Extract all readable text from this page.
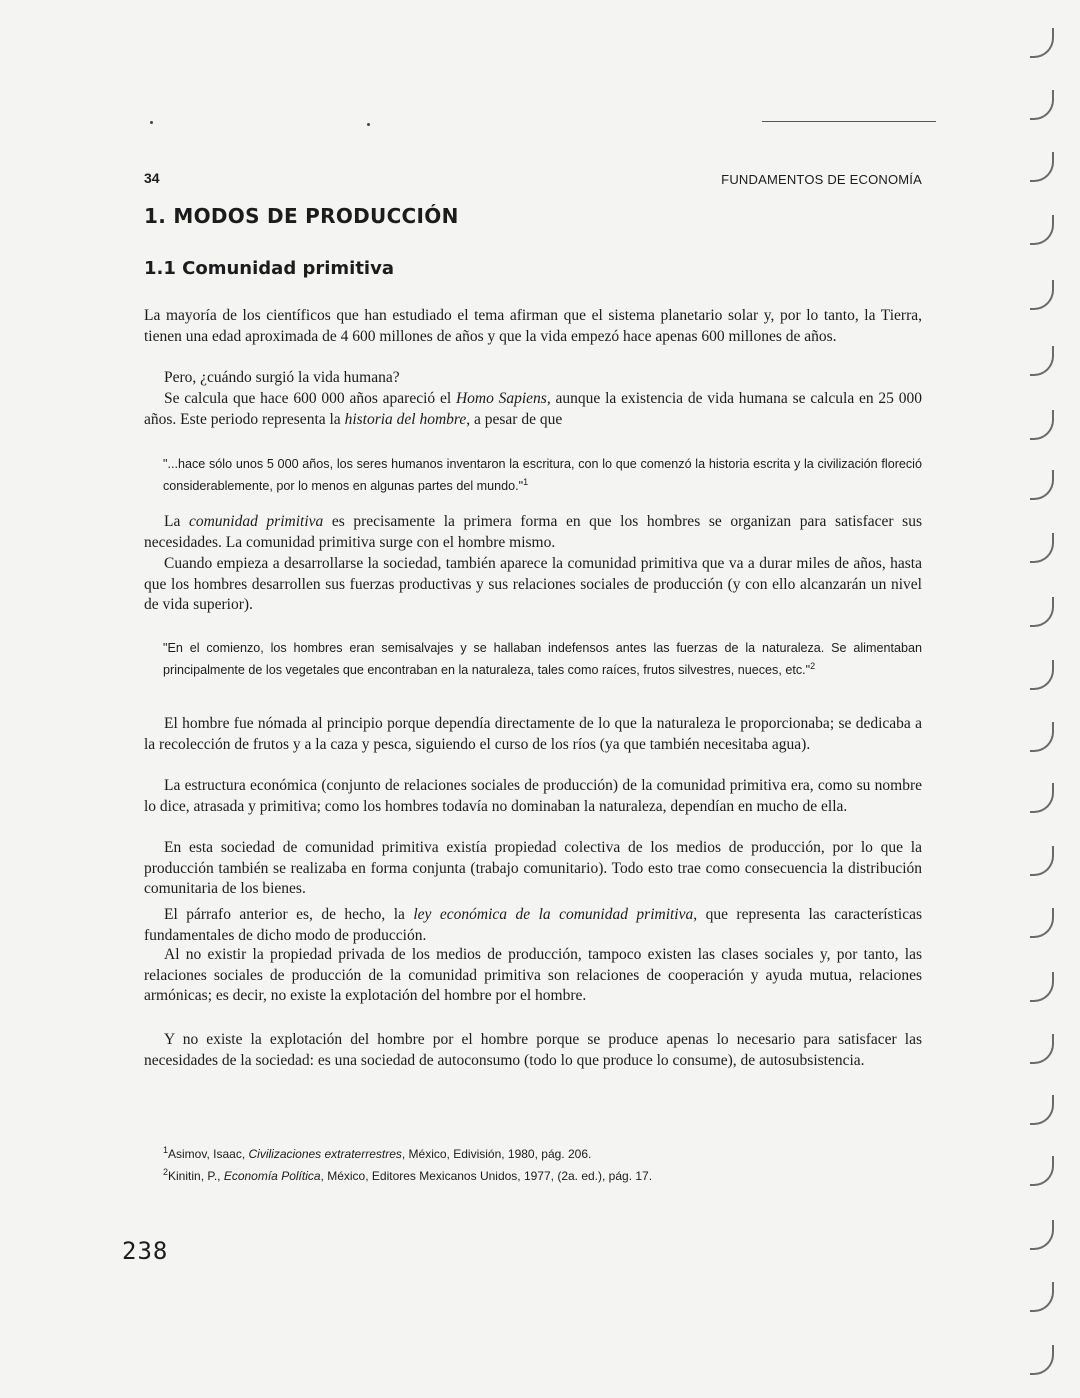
34	FUNDAMENTOS DE ECONOMÍA
1. MODOS DE PRODUCCIÓN
1.1 Comunidad primitiva

La mayoría de los científicos que han estudiado el tema afirman que el sistema planetario solar y, por lo tanto, la Tierra, tienen una edad aproximada de 4 600 millones de años y que la vida empezó hace apenas 600 millones de años.

Pero, ¿cuándo surgió la vida humana?

Se calcula que hace 600 000 años apareció el Homo Sapiens, aunque la existencia de vida humana se calcula en 25 000 años. Este periodo representa la historia del hombre, a pesar de que

"...hace sólo unos 5 000 años, los seres humanos inventaron la escritura, con lo que comenzó la historia escrita y la civilización floreció considerablemente, por lo menos en algunas partes del mundo."$^1$

La comunidad primitiva es precisamente la primera forma en que los hombres se organizan para satisfacer sus necesidades. La comunidad primitiva surge con el hombre mismo.

Cuando empieza a desarrollarse la sociedad, también aparece la comunidad primitiva que va a durar miles de años, hasta que los hombres desarrollen sus fuerzas productivas y sus relaciones sociales de producción (y con ello alcanzarán un nivel de vida superior).

"En el comienzo, los hombres eran semisalvajes y se hallaban indefensos antes las fuerzas de la naturaleza. Se alimentaban principalmente de los vegetales que encontraban en la naturaleza, tales como raíces, frutos silvestres, nueces, etc."$^2$

El hombre fue nómada al principio porque dependía directamente de lo que la naturaleza le proporcionaba; se dedicaba a la recolección de frutos y a la caza y pesca, siguiendo el curso de los ríos (ya que también necesitaba agua).

La estructura económica (conjunto de relaciones sociales de producción) de la comunidad primitiva era, como su nombre lo dice, atrasada y primitiva; como los hombres todavía no dominaban la naturaleza, dependían en mucho de ella.

En esta sociedad de comunidad primitiva existía propiedad colectiva de los medios de producción, por lo que la producción también se realizaba en forma conjunta (trabajo comunitario). Todo esto trae como consecuencia la distribución comunitaria de los bienes.

El párrafo anterior es, de hecho, la ley económica de la comunidad primitiva, que representa las características fundamentales de dicho modo de producción.

Al no existir la propiedad privada de los medios de producción, tampoco existen las clases sociales y, por tanto, las relaciones sociales de producción de la comunidad primitiva son relaciones de cooperación y ayuda mutua, relaciones armónicas; es decir, no existe la explotación del hombre por el hombre.

Y no existe la explotación del hombre por el hombre porque se produce apenas lo necesario para satisfacer las necesidades de la sociedad: es una sociedad de autoconsumo (todo lo que produce lo consume), de autosubsistencia.

$^1$Asimov, Isaac, Civilizaciones extraterrestres, México, Edivisión, 1980, pág. 206.
$^2$Kinitin, P., Economía Política, México, Editores Mexicanos Unidos, 1977, (2a. ed.), pág. 17.
238
